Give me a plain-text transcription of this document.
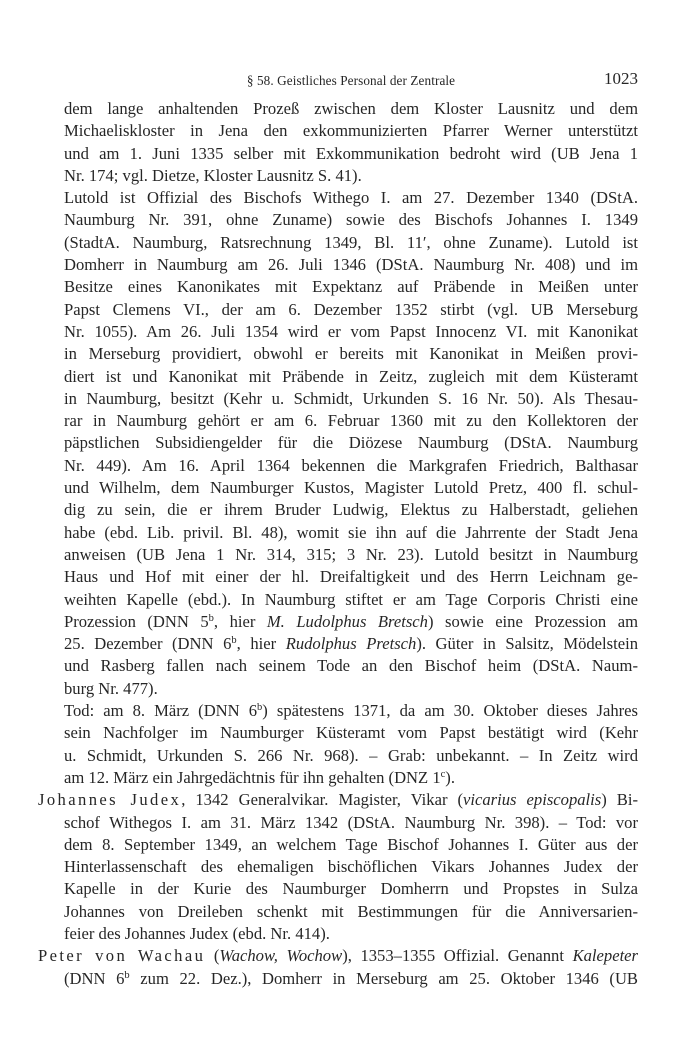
§ 58. Geistliches Personal der Zentrale	1023
dem lange anhaltenden Prozeß zwischen dem Kloster Lausnitz und dem
Michaeliskloster in Jena den exkommunizierten Pfarrer Werner unterstützt
und am 1. Juni 1335 selber mit Exkommunikation bedroht wird (UB Jena 1
Nr. 174; vgl. Dietze, Kloster Lausnitz S. 41).
Lutold ist Offizial des Bischofs Withego I. am 27. Dezember 1340 (DStA.
Naumburg Nr. 391, ohne Zuname) sowie des Bischofs Johannes I. 1349
(StadtA. Naumburg, Ratsrechnung 1349, Bl. 11′, ohne Zuname). Lutold ist
Domherr in Naumburg am 26. Juli 1346 (DStA. Naumburg Nr. 408) und im
Besitze eines Kanonikates mit Expektanz auf Präbende in Meißen unter
Papst Clemens VI., der am 6. Dezember 1352 stirbt (vgl. UB Merseburg
Nr. 1055). Am 26. Juli 1354 wird er vom Papst Innocenz VI. mit Kanonikat
in Merseburg providiert, obwohl er bereits mit Kanonikat in Meißen provi-
diert ist und Kanonikat mit Präbende in Zeitz, zugleich mit dem Küsteramt
in Naumburg, besitzt (Kehr u. Schmidt, Urkunden S. 16 Nr. 50). Als Thesau-
rar in Naumburg gehört er am 6. Februar 1360 mit zu den Kollektoren der
päpstlichen Subsidiengelder für die Diözese Naumburg (DStA. Naumburg
Nr. 449). Am 16. April 1364 bekennen die Markgrafen Friedrich, Balthasar
und Wilhelm, dem Naumburger Kustos, Magister Lutold Pretz, 400 fl. schul-
dig zu sein, die er ihrem Bruder Ludwig, Elektus zu Halberstadt, geliehen
habe (ebd. Lib. privil. Bl. 48), womit sie ihn auf die Jahrrente der Stadt Jena
anweisen (UB Jena 1 Nr. 314, 315; 3 Nr. 23). Lutold besitzt in Naumburg
Haus und Hof mit einer der hl. Dreifaltigkeit und des Herrn Leichnam ge-
weihten Kapelle (ebd.). In Naumburg stiftet er am Tage Corporis Christi eine
Prozession (DNN 5$^b$, hier M. Ludolphus Bretsch) sowie eine Prozession am
25. Dezember (DNN 6$^b$, hier Rudolphus Pretsch). Güter in Salsitz, Mödelstein
und Rasberg fallen nach seinem Tode an den Bischof heim (DStA. Naum-
burg Nr. 477).
Tod: am 8. März (DNN 6$^b$) spätestens 1371, da am 30. Oktober dieses Jahres
sein Nachfolger im Naumburger Küsteramt vom Papst bestätigt wird (Kehr
u. Schmidt, Urkunden S. 266 Nr. 968). – Grab: unbekannt. – In Zeitz wird
am 12. März ein Jahrgedächtnis für ihn gehalten (DNZ 1$^c$).
Johannes Judex, 1342 Generalvikar. Magister, Vikar (vicarius episcopalis) Bi-
schof Withegos I. am 31. März 1342 (DStA. Naumburg Nr. 398). – Tod: vor
dem 8. September 1349, an welchem Tage Bischof Johannes I. Güter aus der
Hinterlassenschaft des ehemaligen bischöflichen Vikars Johannes Judex der
Kapelle in der Kurie des Naumburger Domherrn und Propstes in Sulza
Johannes von Dreileben schenkt mit Bestimmungen für die Anniversarien-
feier des Johannes Judex (ebd. Nr. 414).
Peter von Wachau (Wachow, Wochow), 1353–1355 Offizial. Genannt Kalepeter
(DNN 6$^b$ zum 22. Dez.), Domherr in Merseburg am 25. Oktober 1346 (UB
